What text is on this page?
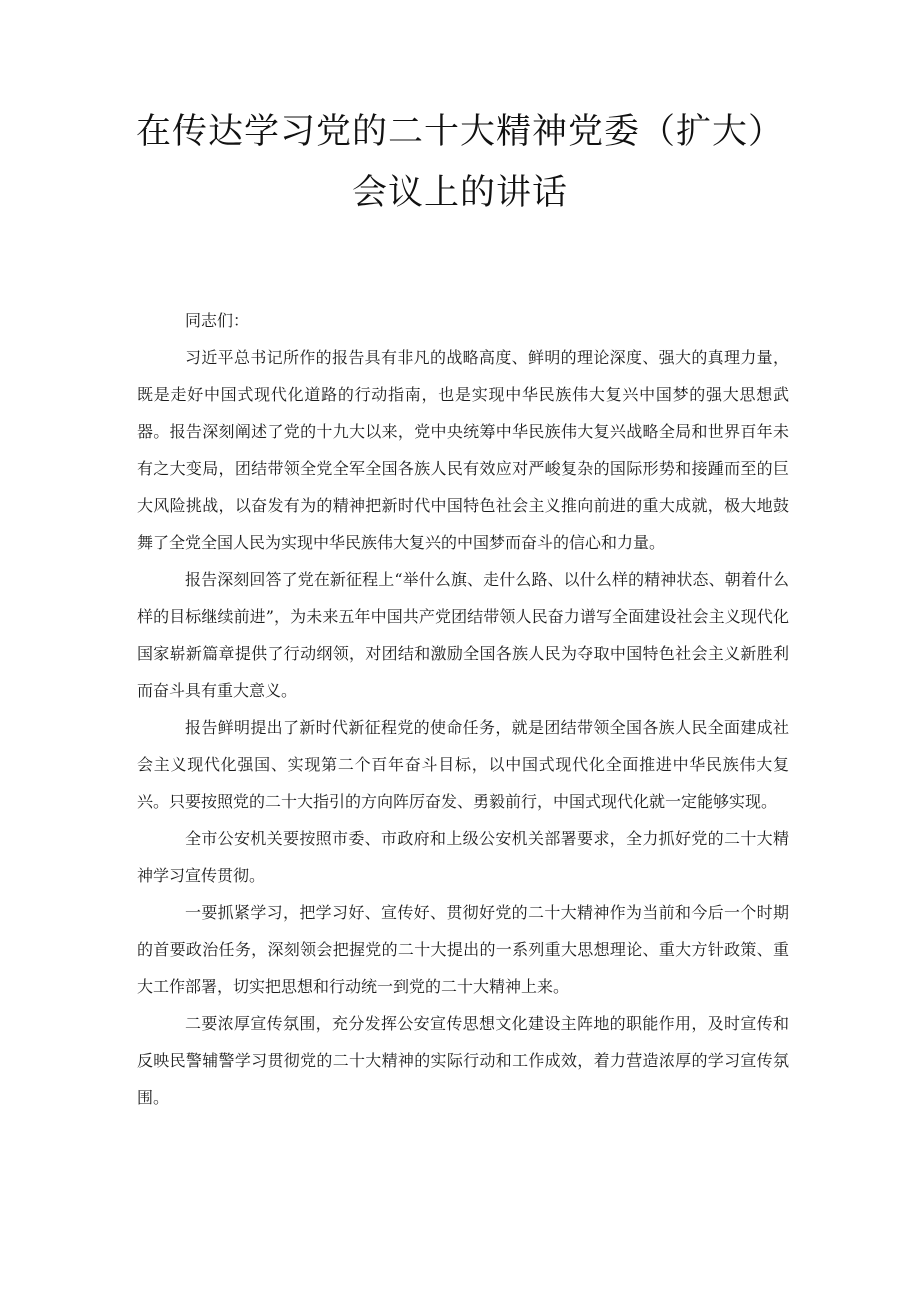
在传达学习党的二十大精神党委（扩大）
会议上的讲话

同志们：

习近平总书记所作的报告具有非凡的战略高度、鲜明的理论深度、强大的真理力量，既是走好中国式现代化道路的行动指南，也是实现中华民族伟大复兴中国梦的强大思想武器。报告深刻阐述了党的十九大以来，党中央统筹中华民族伟大复兴战略全局和世界百年未有之大变局，团结带领全党全军全国各族人民有效应对严峻复杂的国际形势和接踵而至的巨大风险挑战，以奋发有为的精神把新时代中国特色社会主义推向前进的重大成就，极大地鼓舞了全党全国人民为实现中华民族伟大复兴的中国梦而奋斗的信心和力量。

报告深刻回答了党在新征程上“举什么旗、走什么路、以什么样的精神状态、朝着什么样的目标继续前进”，为未来五年中国共产党团结带领人民奋力谱写全面建设社会主义现代化国家崭新篇章提供了行动纲领，对团结和激励全国各族人民为夺取中国特色社会主义新胜利而奋斗具有重大意义。

报告鲜明提出了新时代新征程党的使命任务，就是团结带领全国各族人民全面建成社会主义现代化强国、实现第二个百年奋斗目标，以中国式现代化全面推进中华民族伟大复兴。只要按照党的二十大指引的方向阵厉奋发、勇毅前行，中国式现代化就一定能够实现。

全市公安机关要按照市委、市政府和上级公安机关部署要求，全力抓好党的二十大精神学习宣传贯彻。

一要抓紧学习，把学习好、宣传好、贯彻好党的二十大精神作为当前和今后一个时期的首要政治任务，深刻领会把握党的二十大提出的一系列重大思想理论、重大方针政策、重大工作部署，切实把思想和行动统一到党的二十大精神上来。

二要浓厚宣传氛围，充分发挥公安宣传思想文化建设主阵地的职能作用，及时宣传和反映民警辅警学习贯彻党的二十大精神的实际行动和工作成效，着力营造浓厚的学习宣传氛围。
